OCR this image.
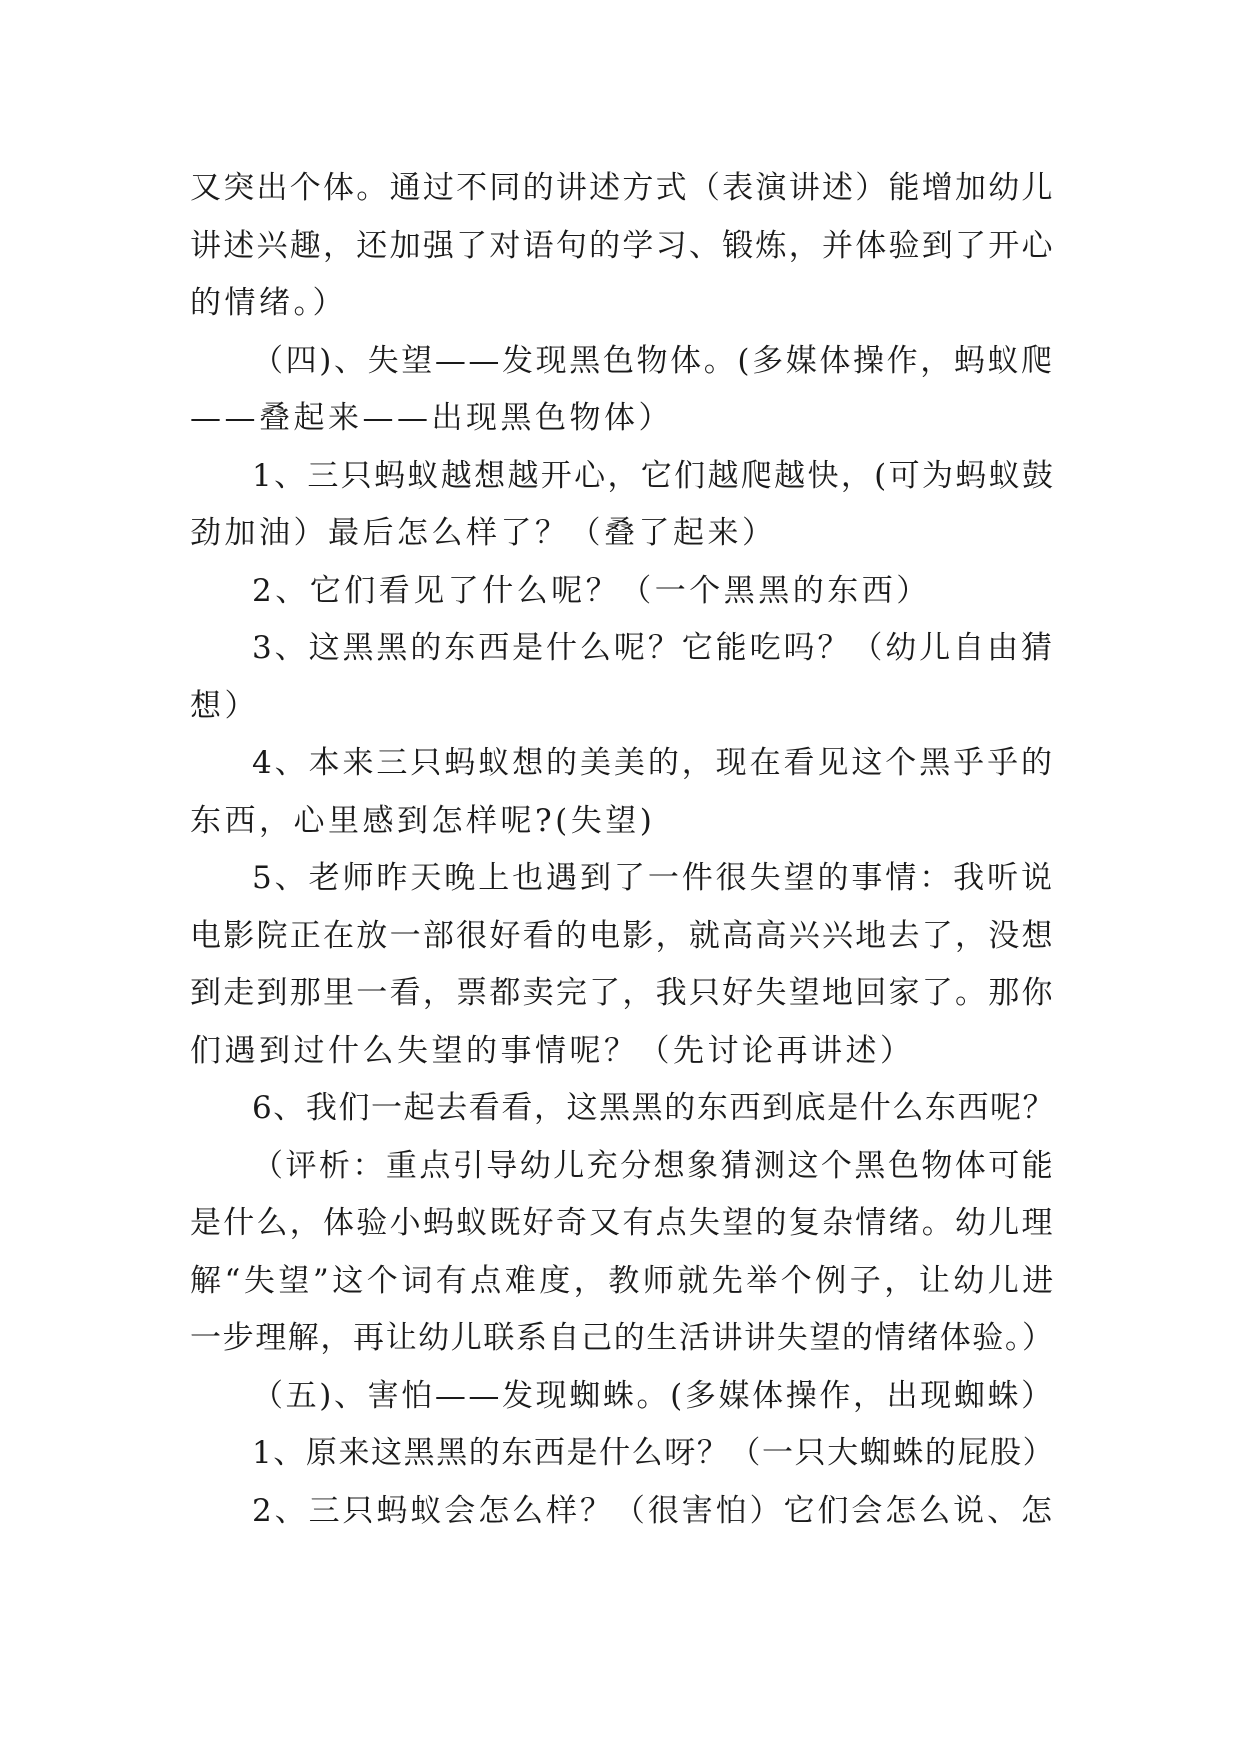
又突出个体。通过不同的讲述方式（表演讲述）能增加幼儿
讲述兴趣，还加强了对语句的学习、锻炼，并体验到了开心
的情绪。）
（四)、失望——发现黑色物体。(多媒体操作，蚂蚁爬
——叠起来——出现黑色物体）
1、三只蚂蚁越想越开心，它们越爬越快，(可为蚂蚁鼓
劲加油）最后怎么样了？（叠了起来）
2、它们看见了什么呢？（一个黑黑的东西）
3、这黑黑的东西是什么呢？它能吃吗？（幼儿自由猜
想）
4、本来三只蚂蚁想的美美的，现在看见这个黑乎乎的
东西，心里感到怎样呢?(失望)
5、老师昨天晚上也遇到了一件很失望的事情：我听说
电影院正在放一部很好看的电影，就高高兴兴地去了，没想
到走到那里一看，票都卖完了，我只好失望地回家了。那你
们遇到过什么失望的事情呢？（先讨论再讲述）
6、我们一起去看看，这黑黑的东西到底是什么东西呢？
（评析：重点引导幼儿充分想象猜测这个黑色物体可能
是什么，体验小蚂蚁既好奇又有点失望的复杂情绪。幼儿理
解“失望”这个词有点难度，教师就先举个例子，让幼儿进
一步理解，再让幼儿联系自己的生活讲讲失望的情绪体验。）
（五)、害怕——发现蜘蛛。(多媒体操作，出现蜘蛛）
1、原来这黑黑的东西是什么呀？（一只大蜘蛛的屁股）
2、三只蚂蚁会怎么样？（很害怕）它们会怎么说、怎
